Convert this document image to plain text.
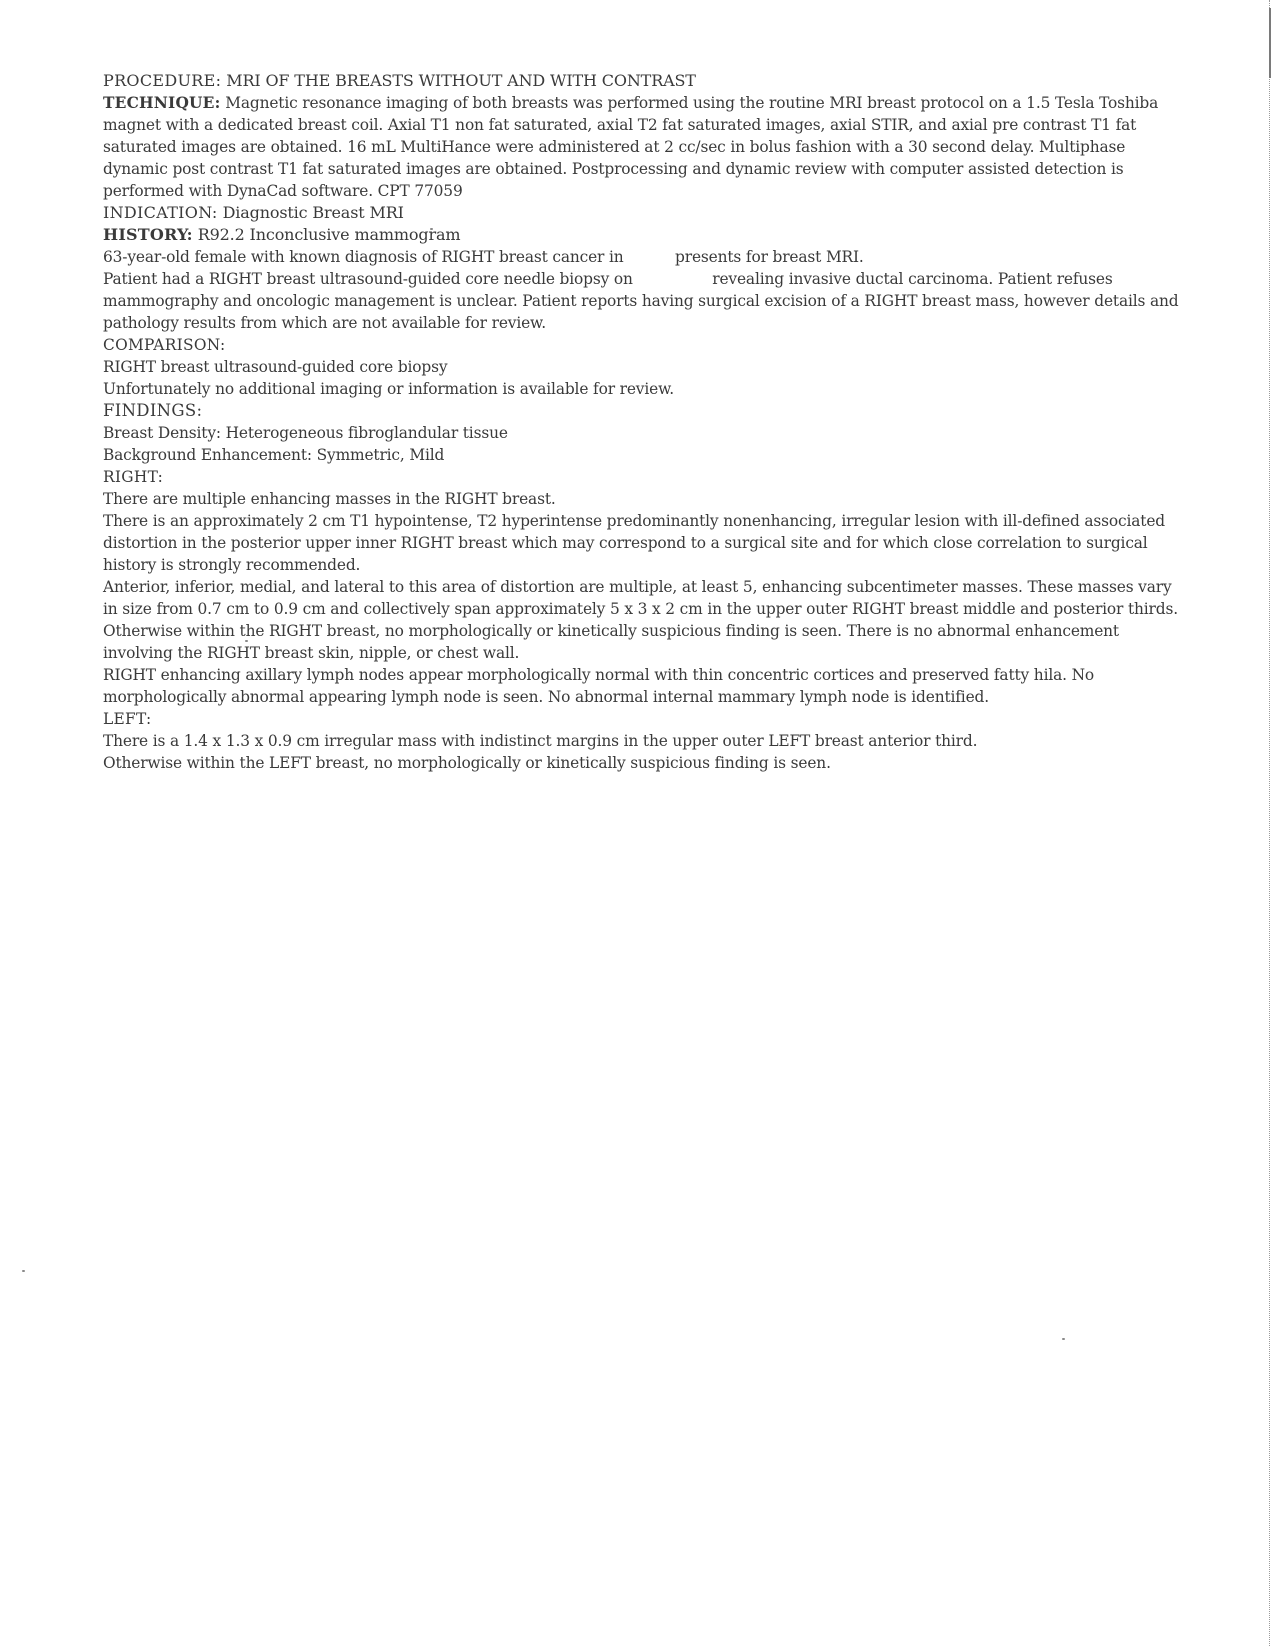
PROCEDURE: MRI OF THE BREASTS WITHOUT AND WITH CONTRAST

TECHNIQUE: Magnetic resonance imaging of both breasts was performed using the routine MRI breast protocol on a 1.5 Tesla Toshiba magnet with a dedicated breast coil. Axial T1 non fat saturated, axial T2 fat saturated images, axial STIR, and axial pre contrast T1 fat saturated images are obtained. 16 mL MultiHance were administered at 2 cc/sec in bolus fashion with a 30 second delay. Multiphase dynamic post contrast T1 fat saturated images are obtained. Postprocessing and dynamic review with computer assisted detection is performed with DynaCad software. CPT 77059

INDICATION: Diagnostic Breast MRI

HISTORY: R92.2 Inconclusive mammogram

63-year-old female with known diagnosis of RIGHT breast cancer in	presents for breast MRI.
Patient had a RIGHT breast ultrasound-guided core needle biopsy on	revealing invasive ductal carcinoma. Patient refuses mammography and oncologic management is unclear. Patient reports having surgical excision of a RIGHT breast mass, however details and pathology results from which are not available for review.

COMPARISON:
RIGHT breast ultrasound-guided core biopsy
Unfortunately no additional imaging or information is available for review.

FINDINGS:

Breast Density: Heterogeneous fibroglandular tissue
Background Enhancement: Symmetric, Mild

RIGHT:
There are multiple enhancing masses in the RIGHT breast.
There is an approximately 2 cm T1 hypointense, T2 hyperintense predominantly nonenhancing, irregular lesion with ill-defined associated distortion in the posterior upper inner RIGHT breast which may correspond to a surgical site and for which close correlation to surgical history is strongly recommended.
Anterior, inferior, medial, and lateral to this area of distortion are multiple, at least 5, enhancing subcentimeter masses. These masses vary in size from 0.7 cm to 0.9 cm and collectively span approximately 5 x 3 x 2 cm in the upper outer RIGHT breast middle and posterior thirds.

Otherwise within the RIGHT breast, no morphologically or kinetically suspicious finding is seen. There is no abnormal enhancement involving the RIGHT breast skin, nipple, or chest wall.
RIGHT enhancing axillary lymph nodes appear morphologically normal with thin concentric cortices and preserved fatty hila. No morphologically abnormal appearing lymph node is seen. No abnormal internal mammary lymph node is identified.

LEFT:
There is a 1.4 x 1.3 x 0.9 cm irregular mass with indistinct margins in the upper outer LEFT breast anterior third.
Otherwise within the LEFT breast, no morphologically or kinetically suspicious finding is seen.
